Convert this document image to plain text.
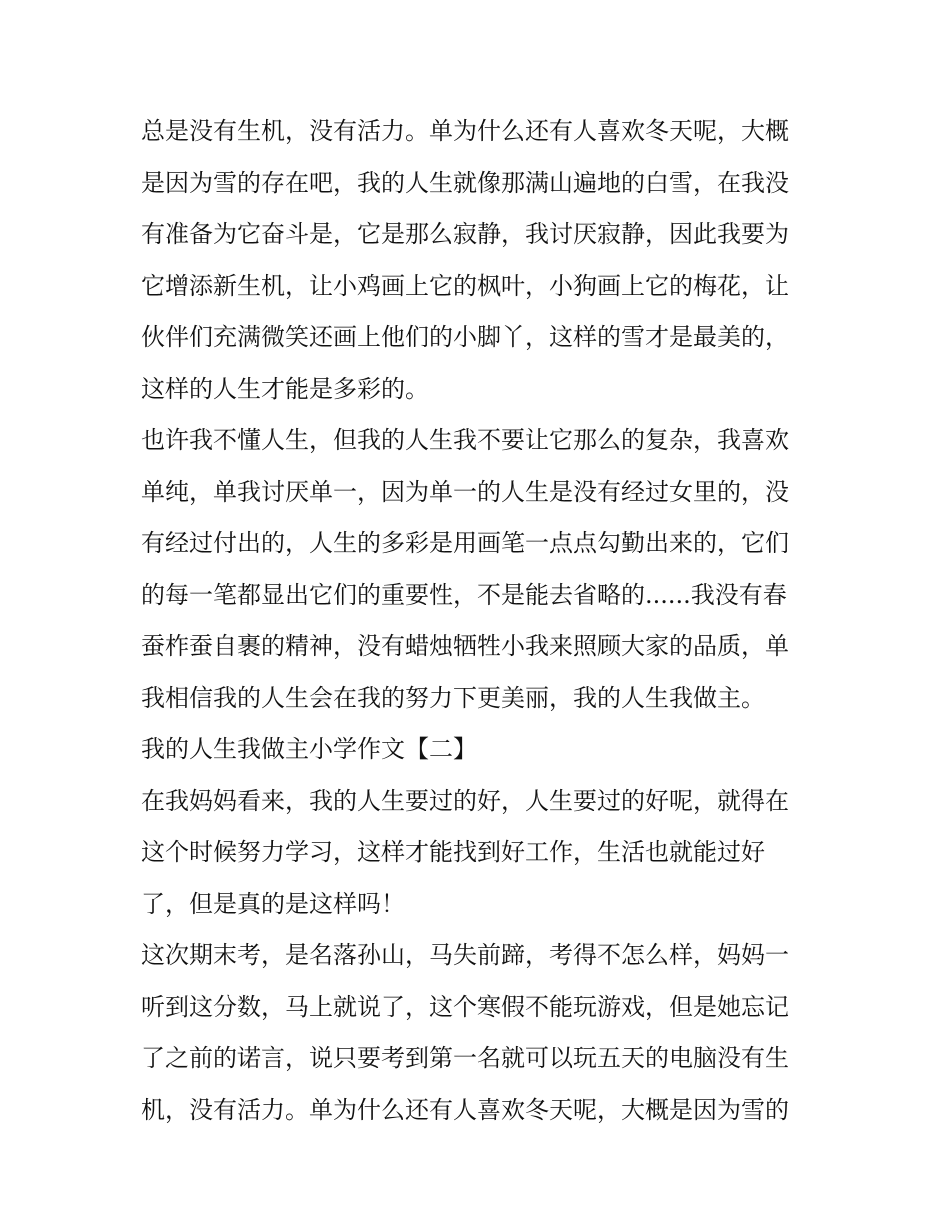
总是没有生机，没有活力。单为什么还有人喜欢冬天呢，大概
是因为雪的存在吧，我的人生就像那满山遍地的白雪，在我没
有准备为它奋斗是，它是那么寂静，我讨厌寂静，因此我要为
它增添新生机，让小鸡画上它的枫叶，小狗画上它的梅花，让
伙伴们充满微笑还画上他们的小脚丫，这样的雪才是最美的，
这样的人生才能是多彩的。
也许我不懂人生，但我的人生我不要让它那么的复杂，我喜欢
单纯，单我讨厌单一，因为单一的人生是没有经过女里的，没
有经过付出的，人生的多彩是用画笔一点点勾勤出来的，它们
的每一笔都显出它们的重要性，不是能去省略的......我没有春
蚕柞蚕自裹的精神，没有蜡烛牺牲小我来照顾大家的品质，单
我相信我的人生会在我的努力下更美丽，我的人生我做主。
我的人生我做主小学作文【二】
在我妈妈看来，我的人生要过的好，人生要过的好呢，就得在
这个时候努力学习，这样才能找到好工作，生活也就能过好
了，但是真的是这样吗！
这次期末考，是名落孙山，马失前蹄，考得不怎么样，妈妈一
听到这分数，马上就说了，这个寒假不能玩游戏，但是她忘记
了之前的诺言，说只要考到第一名就可以玩五天的电脑没有生
机，没有活力。单为什么还有人喜欢冬天呢，大概是因为雪的
